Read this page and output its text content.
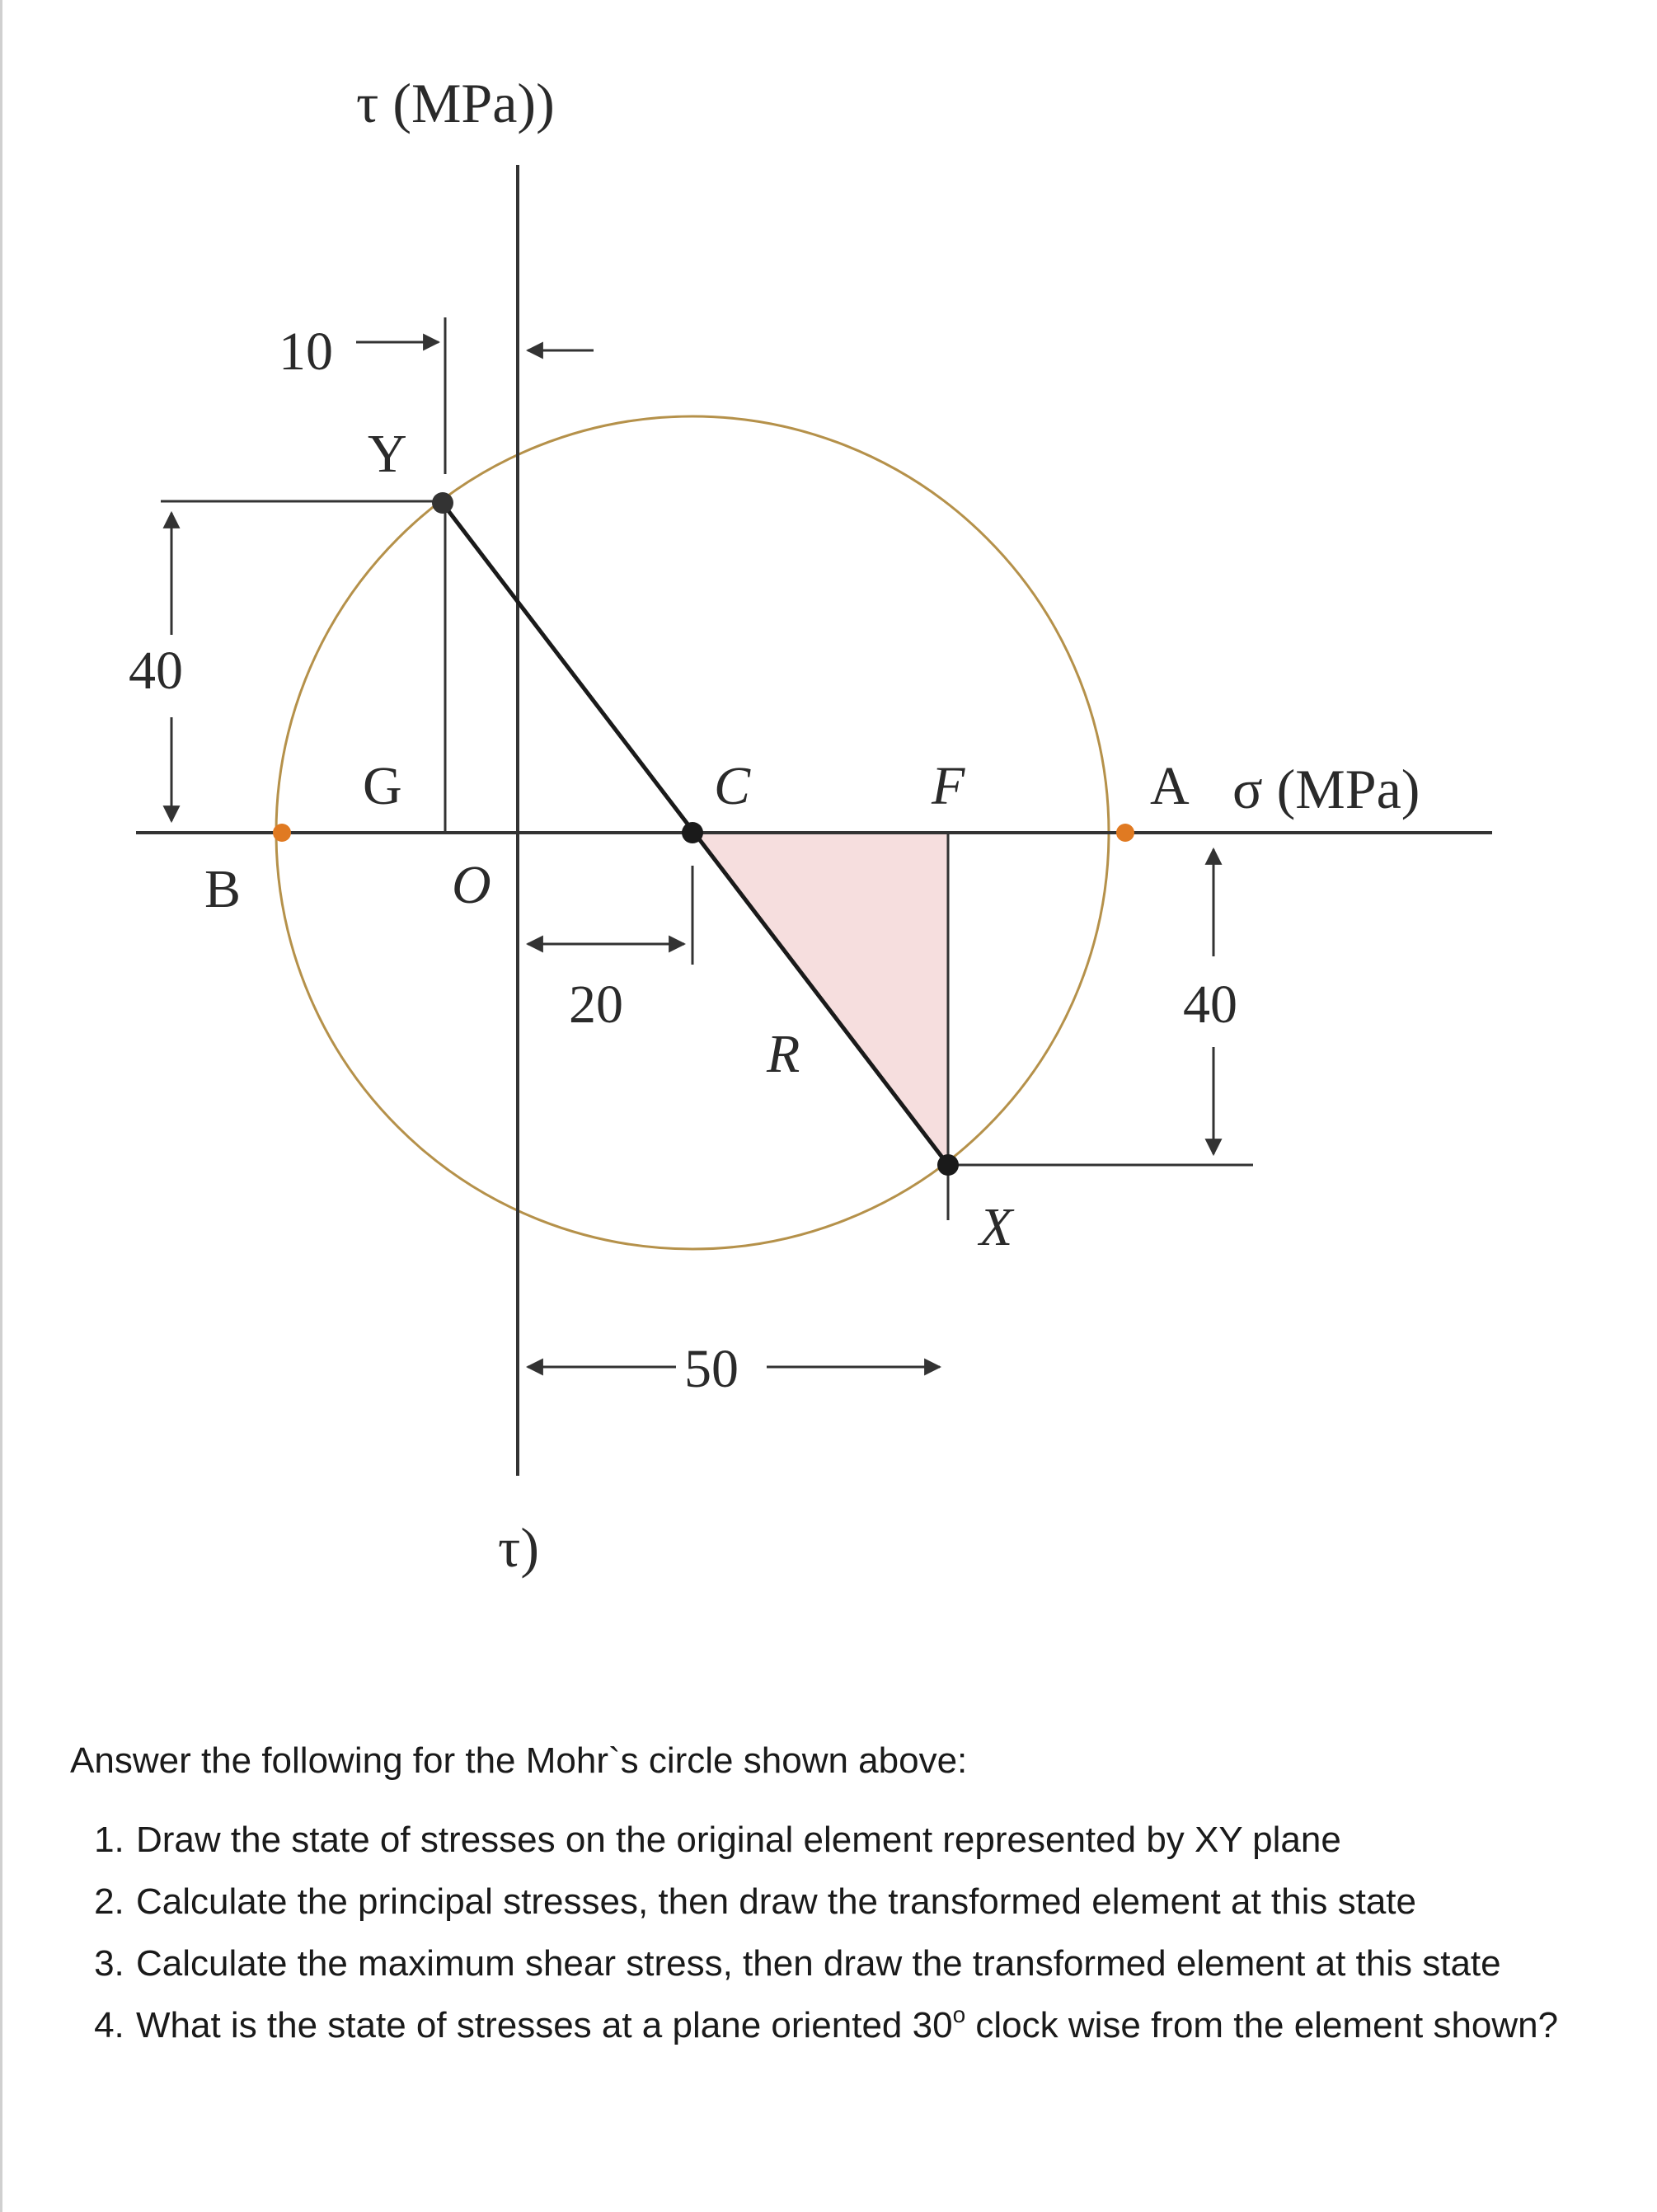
τ (MPa))
σ (MPa)
τ)
10
Y
40
G
B	O
C	F	A
20
R
40
X
50

Answer the following for the Mohr`s circle shown above:

1. Draw the state of stresses on the original element represented by XY plane
2. Calculate the principal stresses, then draw the transformed element at this state
3. Calculate the maximum shear stress, then draw the transformed element at this state
4. What is the state of stresses at a plane oriented 30$^o$ clock wise from the element shown?
